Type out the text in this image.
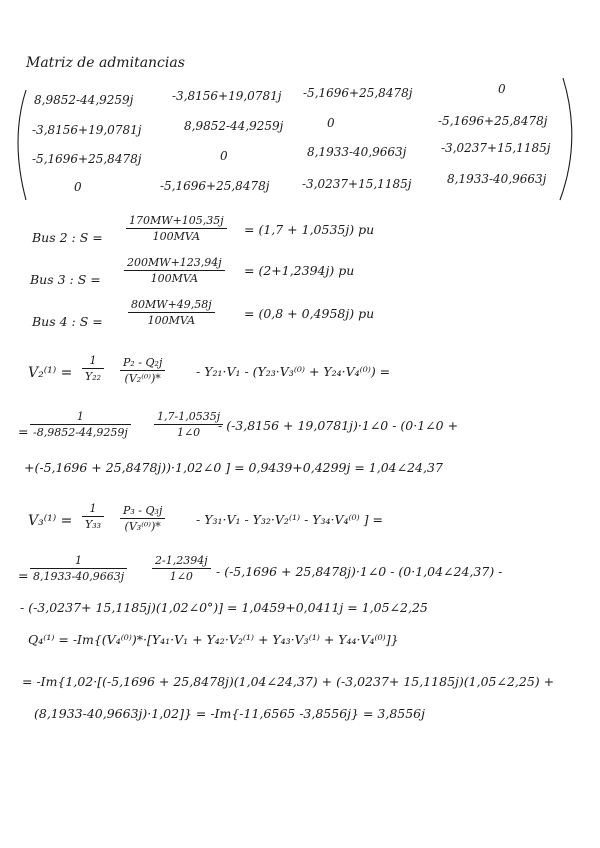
Matriz de admitancias
8,9852-44,9259j	-3,8156+19,0781j -5,1696+25,8478j	0
-3,8156+19,0781j	8,9852-44,9259j	0	-5,1696+25,8478j
-5,1696+25,8478j	0	8,1933-40,9663j	-3,0237+15,1185j
0	-5,1696+25,8478j	-3,0237+15,1185j	8,1933-40,9663j
Bus 2 : S =
170MW+105,35j
100MVA	= (1,7 + 1,0535j) pu
Bus 3 : S =
200MW+123,94j
100MVA
= (2+1,2394j) pu
Bus 4 : S =
80MW+49,58j
100MVA	= (0,8 + 0,4958j) pu
V₂⁽¹⁾ =
1
Y₂₂
P₂ - Q₂j
(V₂⁽⁰⁾)*	- Y₂₁·V₁ - (Y₂₃·V₃⁽⁰⁾ + Y₂₄·V₄⁽⁰⁾) =
=
1
-8,9852-44,9259j
1,7-1,0535j
1∠0 - (-3,8156 + 19,0781j)·1∠0 - (0·1∠0 +
+(-5,1696 + 25,8478j))·1,02∠0 ] = 0,9439+0,4299j = 1,04∠24,37
V₃⁽¹⁾ =
1
Y₃₃
P₃ - Q₃j
(V₃⁽⁰⁾)*	- Y₃₁·V₁ - Y₃₂·V₂⁽¹⁾ - Y₃₄·V₄⁽⁰⁾ ] =
=
1
8,1933-40,9663j
2-1,2394j
1∠0 - (-5,1696 + 25,8478j)·1∠0 - (0·1,04∠24,37) -
- (-3,0237+ 15,1185j)(1,02∠0°)] = 1,0459+0,0411j = 1,05∠2,25
Q₄⁽¹⁾ = -Im{(V₄⁽⁰⁾)*·[Y₄₁·V₁ + Y₄₂·V₂⁽¹⁾ + Y₄₃·V₃⁽¹⁾ + Y₄₄·V₄⁽⁰⁾]}
= -Im{1,02·[(-5,1696 + 25,8478j)(1,04∠24,37) + (-3,0237+ 15,1185j)(1,05∠2,25) +
(8,1933-40,9663j)·1,02]} = -Im{-11,6565 -3,8556j} = 3,8556j
